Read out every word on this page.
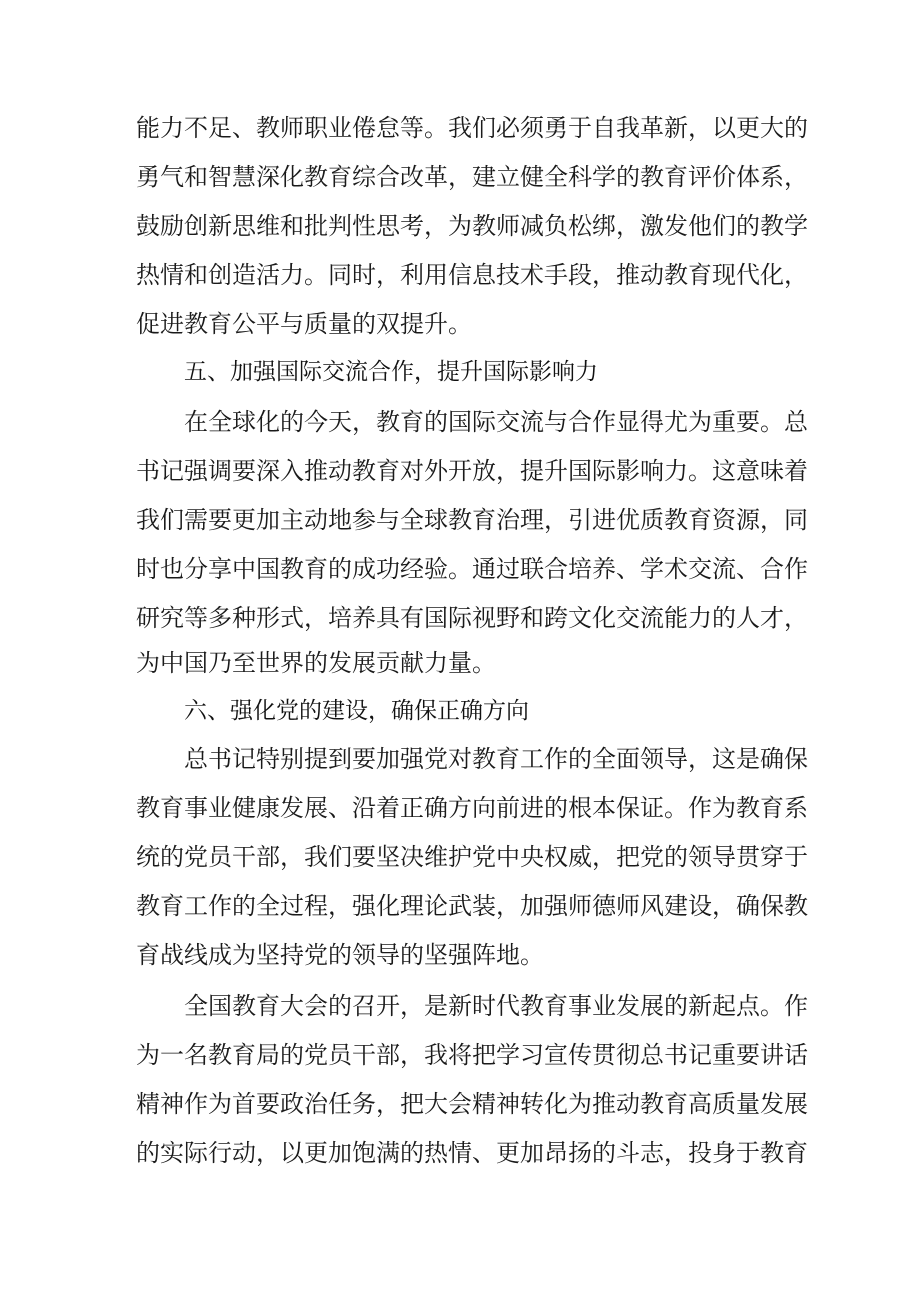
能力不足、教师职业倦怠等。我们必须勇于自我革新，以更大的
勇气和智慧深化教育综合改革，建立健全科学的教育评价体系，
鼓励创新思维和批判性思考，为教师减负松绑，激发他们的教学
热情和创造活力。同时，利用信息技术手段，推动教育现代化，
促进教育公平与质量的双提升。
五、加强国际交流合作，提升国际影响力
在全球化的今天，教育的国际交流与合作显得尤为重要。总
书记强调要深入推动教育对外开放，提升国际影响力。这意味着
我们需要更加主动地参与全球教育治理，引进优质教育资源，同
时也分享中国教育的成功经验。通过联合培养、学术交流、合作
研究等多种形式，培养具有国际视野和跨文化交流能力的人才，
为中国乃至世界的发展贡献力量。
六、强化党的建设，确保正确方向
总书记特别提到要加强党对教育工作的全面领导，这是确保
教育事业健康发展、沿着正确方向前进的根本保证。作为教育系
统的党员干部，我们要坚决维护党中央权威，把党的领导贯穿于
教育工作的全过程，强化理论武装，加强师德师风建设，确保教
育战线成为坚持党的领导的坚强阵地。
全国教育大会的召开，是新时代教育事业发展的新起点。作
为一名教育局的党员干部，我将把学习宣传贯彻总书记重要讲话
精神作为首要政治任务，把大会精神转化为推动教育高质量发展
的实际行动，以更加饱满的热情、更加昂扬的斗志，投身于教育
